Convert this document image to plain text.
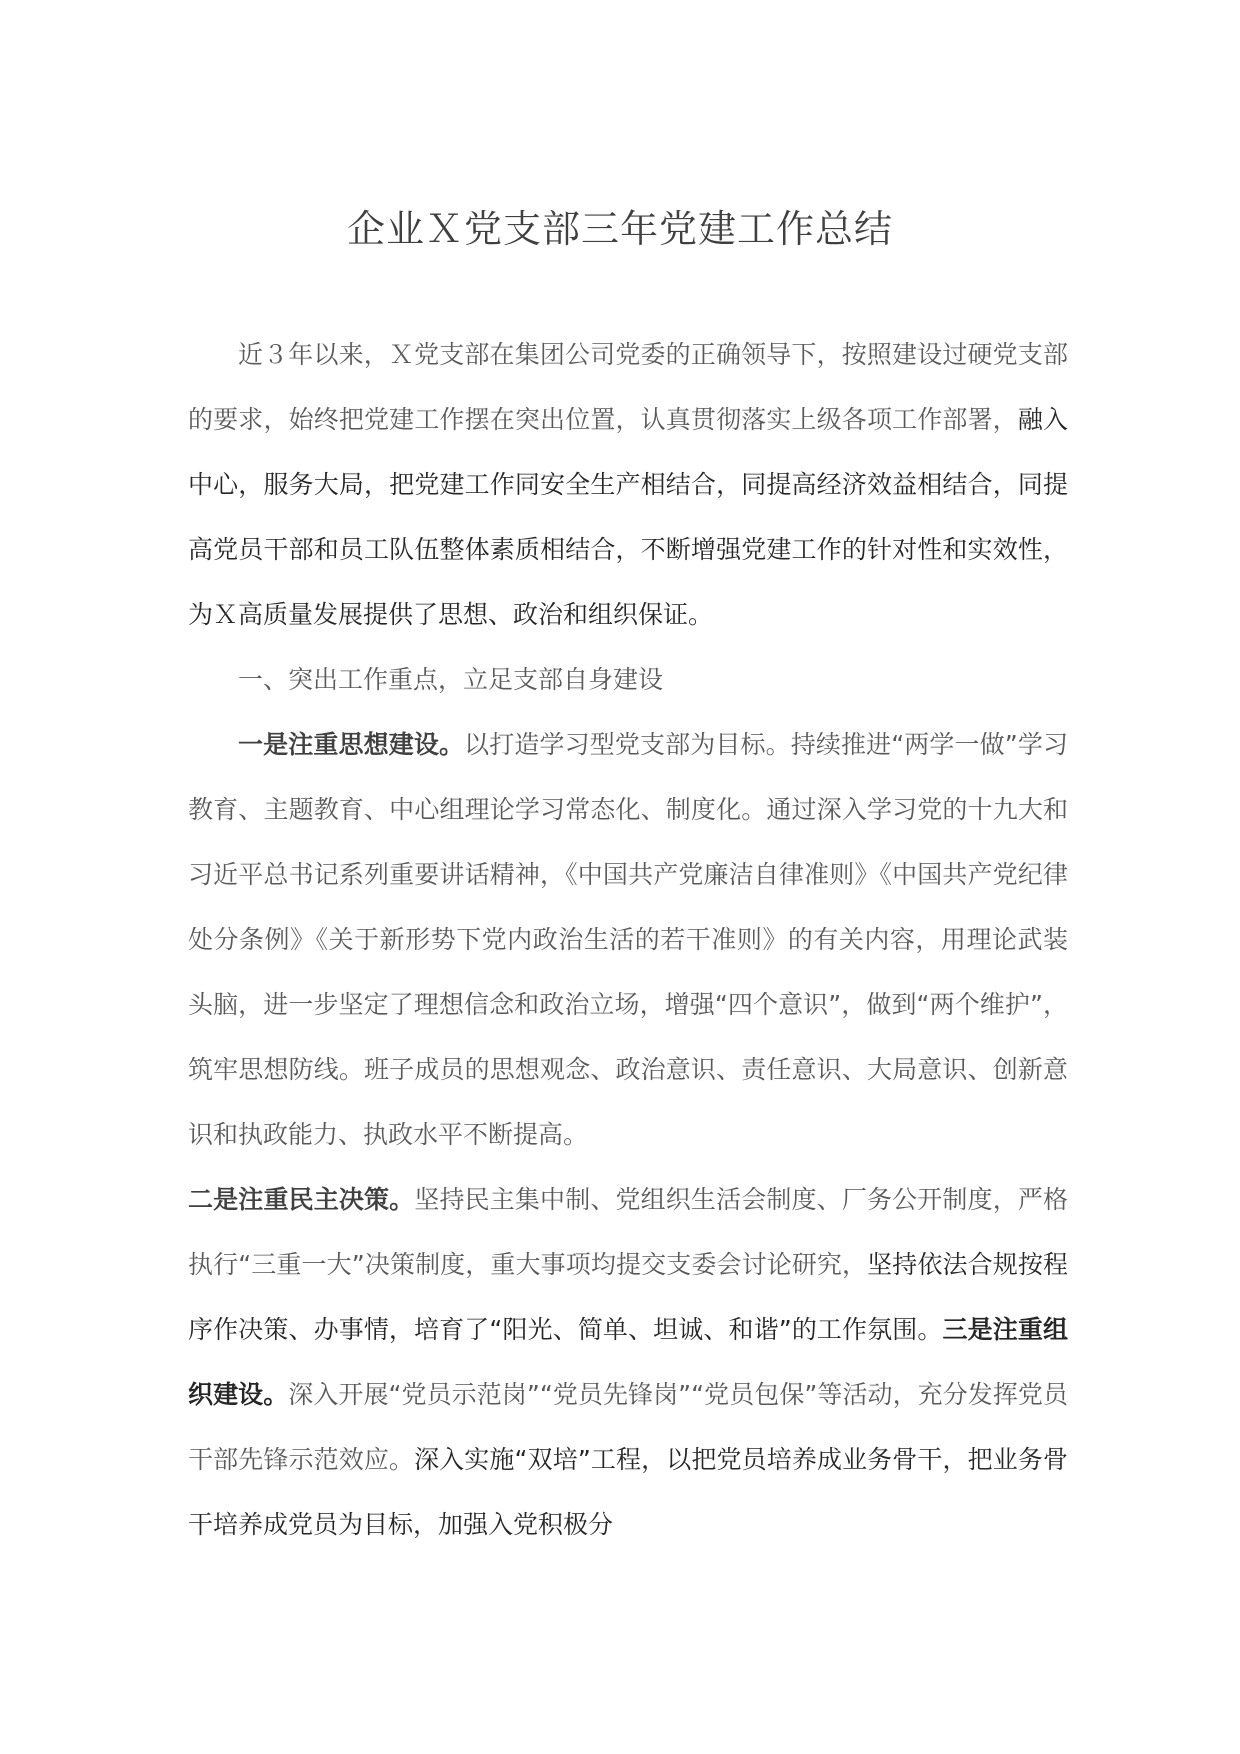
企业Ｘ党支部三年党建工作总结

近３年以来，Ｘ党支部在集团公司党委的正确领导下，按照建设过硬党支部的要求，始终把党建工作摆在突出位置，认真贯彻落实上级各项工作部署，融入中心，服务大局，把党建工作同安全生产相结合，同提高经济效益相结合，同提高党员干部和员工队伍整体素质相结合，不断增强党建工作的针对性和实效性，为Ｘ高质量发展提供了思想、政治和组织保证。

一、突出工作重点，立足支部自身建设

一是注重思想建设。以打造学习型党支部为目标。持续推进“两学一做”学习教育、主题教育、中心组理论学习常态化、制度化。通过深入学习党的十九大和习近平总书记系列重要讲话精神，《中国共产党廉洁自律准则》《中国共产党纪律处分条例》《关于新形势下党内政治生活的若干准则》的有关内容，用理论武装头脑，进一步坚定了理想信念和政治立场，增强“四个意识”，做到“两个维护”，筑牢思想防线。班子成员的思想观念、政治意识、责任意识、大局意识、创新意识和执政能力、执政水平不断提高。

二是注重民主决策。坚持民主集中制、党组织生活会制度、厂务公开制度，严格执行“三重一大”决策制度，重大事项均提交支委会讨论研究，坚持依法合规按程序作决策、办事情，培育了“阳光、简单、坦诚、和谐”的工作氛围。三是注重组织建设。深入开展“党员示范岗”“党员先锋岗”“党员包保”等活动，充分发挥党员干部先锋示范效应。深入实施“双培”工程，以把党员培养成业务骨干，把业务骨干培养成党员为目标，加强入党积极分
